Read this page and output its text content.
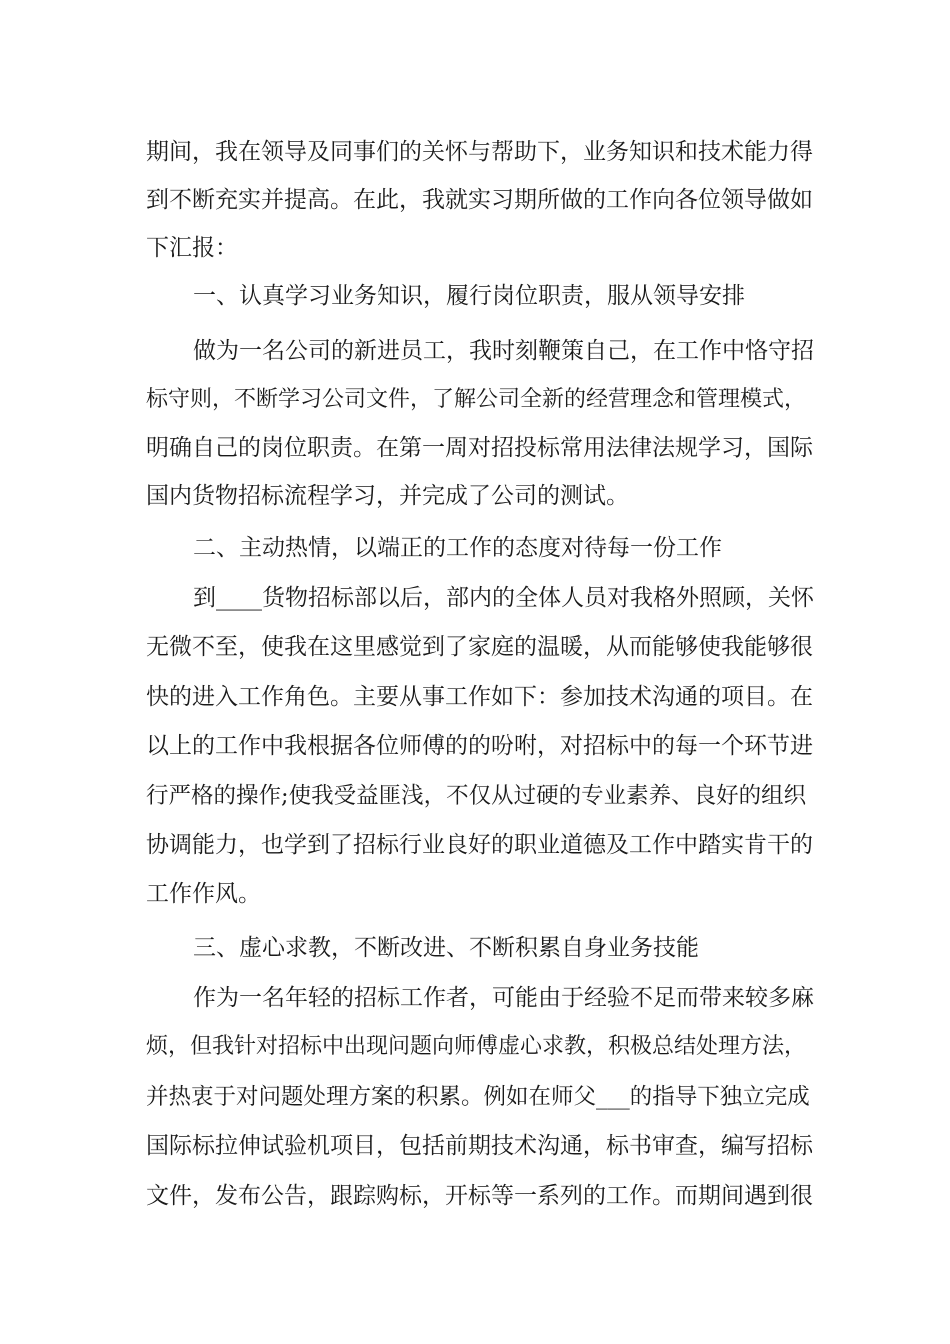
期间，我在领导及同事们的关怀与帮助下，业务知识和技术能力得
到不断充实并提高。在此，我就实习期所做的工作向各位领导做如
下汇报：
一、认真学习业务知识，履行岗位职责，服从领导安排
做为一名公司的新进员工，我时刻鞭策自己，在工作中恪守招
标守则，不断学习公司文件，了解公司全新的经营理念和管理模式，
明确自己的岗位职责。在第一周对招投标常用法律法规学习，国际
国内货物招标流程学习，并完成了公司的测试。
二、主动热情，以端正的工作的态度对待每一份工作
到____货物招标部以后，部内的全体人员对我格外照顾，关怀
无微不至，使我在这里感觉到了家庭的温暖，从而能够使我能够很
快的进入工作角色。主要从事工作如下：参加技术沟通的项目。在
以上的工作中我根据各位师傅的的吩咐，对招标中的每一个环节进
行严格的操作;使我受益匪浅，不仅从过硬的专业素养、良好的组织
协调能力，也学到了招标行业良好的职业道德及工作中踏实肯干的
工作作风。
三、虚心求教，不断改进、不断积累自身业务技能
作为一名年轻的招标工作者，可能由于经验不足而带来较多麻
烦，但我针对招标中出现问题向师傅虚心求教，积极总结处理方法，
并热衷于对问题处理方案的积累。例如在师父___的指导下独立完成
国际标拉伸试验机项目，包括前期技术沟通，标书审查，编写招标
文件，发布公告，跟踪购标，开标等一系列的工作。而期间遇到很
